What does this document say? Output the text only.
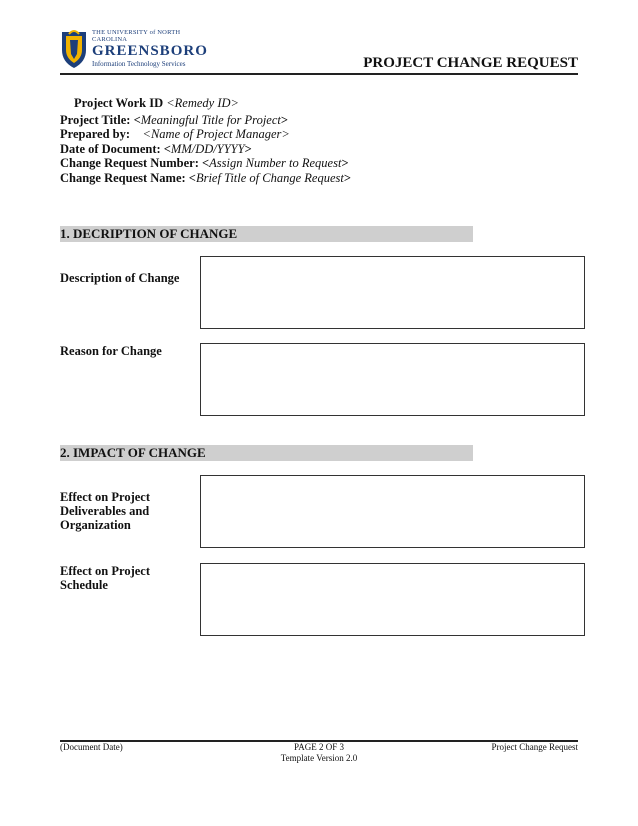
THE UNIVERSITY of NORTH CAROLINA
GREENSBORO
Information Technology Services	PROJECT CHANGE REQUEST
Project Work ID <Remedy ID>
Project Title: <Meaningful Title for Project>
Prepared by: <Name of Project Manager>
Date of Document: <MM/DD/YYYY>
Change Request Number: <Assign Number to Request>
Change Request Name: <Brief Title of Change Request>
1. DECRIPTION OF CHANGE
Description of Change
Reason for Change
2. IMPACT OF CHANGE
Effect on Project Deliverables and Organization
Effect on Project Schedule
(Document Date)	PAGE 2 OF 3
Template Version 2.0
Project Change Request
